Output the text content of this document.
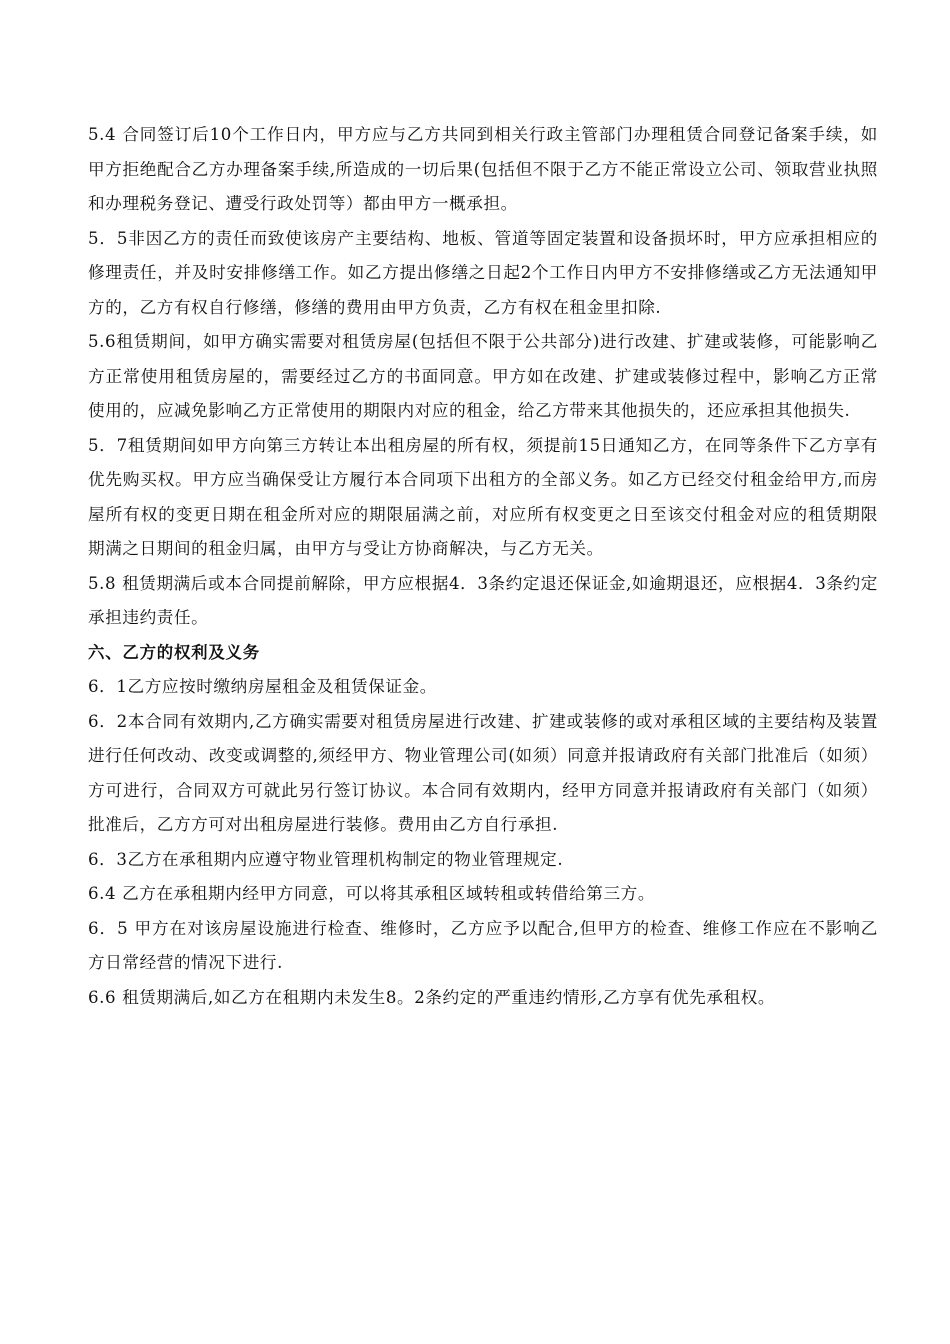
5.4 合同签订后10个工作日内，甲方应与乙方共同到相关行政主管部门办理租赁合同登记备案手续，如甲方拒绝配合乙方办理备案手续,所造成的一切后果(包括但不限于乙方不能正常设立公司、领取营业执照和办理税务登记、遭受行政处罚等）都由甲方一概承担。

5．5非因乙方的责任而致使该房产主要结构、地板、管道等固定装置和设备损坏时，甲方应承担相应的修理责任，并及时安排修缮工作。如乙方提出修缮之日起2个工作日内甲方不安排修缮或乙方无法通知甲方的，乙方有权自行修缮，修缮的费用由甲方负责，乙方有权在租金里扣除.

5.6租赁期间，如甲方确实需要对租赁房屋(包括但不限于公共部分)进行改建、扩建或装修，可能影响乙方正常使用租赁房屋的，需要经过乙方的书面同意。甲方如在改建、扩建或装修过程中，影响乙方正常使用的，应减免影响乙方正常使用的期限内对应的租金，给乙方带来其他损失的，还应承担其他损失.

5．7租赁期间如甲方向第三方转让本出租房屋的所有权，须提前15日通知乙方，在同等条件下乙方享有优先购买权。甲方应当确保受让方履行本合同项下出租方的全部义务。如乙方已经交付租金给甲方,而房屋所有权的变更日期在租金所对应的期限届满之前，对应所有权变更之日至该交付租金对应的租赁期限期满之日期间的租金归属，由甲方与受让方协商解决，与乙方无关。

5.8 租赁期满后或本合同提前解除，甲方应根据4．3条约定退还保证金,如逾期退还，应根据4．3条约定承担违约责任。

六、乙方的权利及义务

6．1乙方应按时缴纳房屋租金及租赁保证金。

6．2本合同有效期内,乙方确实需要对租赁房屋进行改建、扩建或装修的或对承租区域的主要结构及装置进行任何改动、改变或调整的,须经甲方、物业管理公司(如须）同意并报请政府有关部门批准后（如须）方可进行，合同双方可就此另行签订协议。本合同有效期内，经甲方同意并报请政府有关部门（如须）批准后，乙方方可对出租房屋进行装修。费用由乙方自行承担.

6．3乙方在承租期内应遵守物业管理机构制定的物业管理规定.

6.4 乙方在承租期内经甲方同意，可以将其承租区域转租或转借给第三方。

6．5 甲方在对该房屋设施进行检查、维修时，乙方应予以配合,但甲方的检查、维修工作应在不影响乙方日常经营的情况下进行.

6.6 租赁期满后,如乙方在租期内未发生8。2条约定的严重违约情形,乙方享有优先承租权。
